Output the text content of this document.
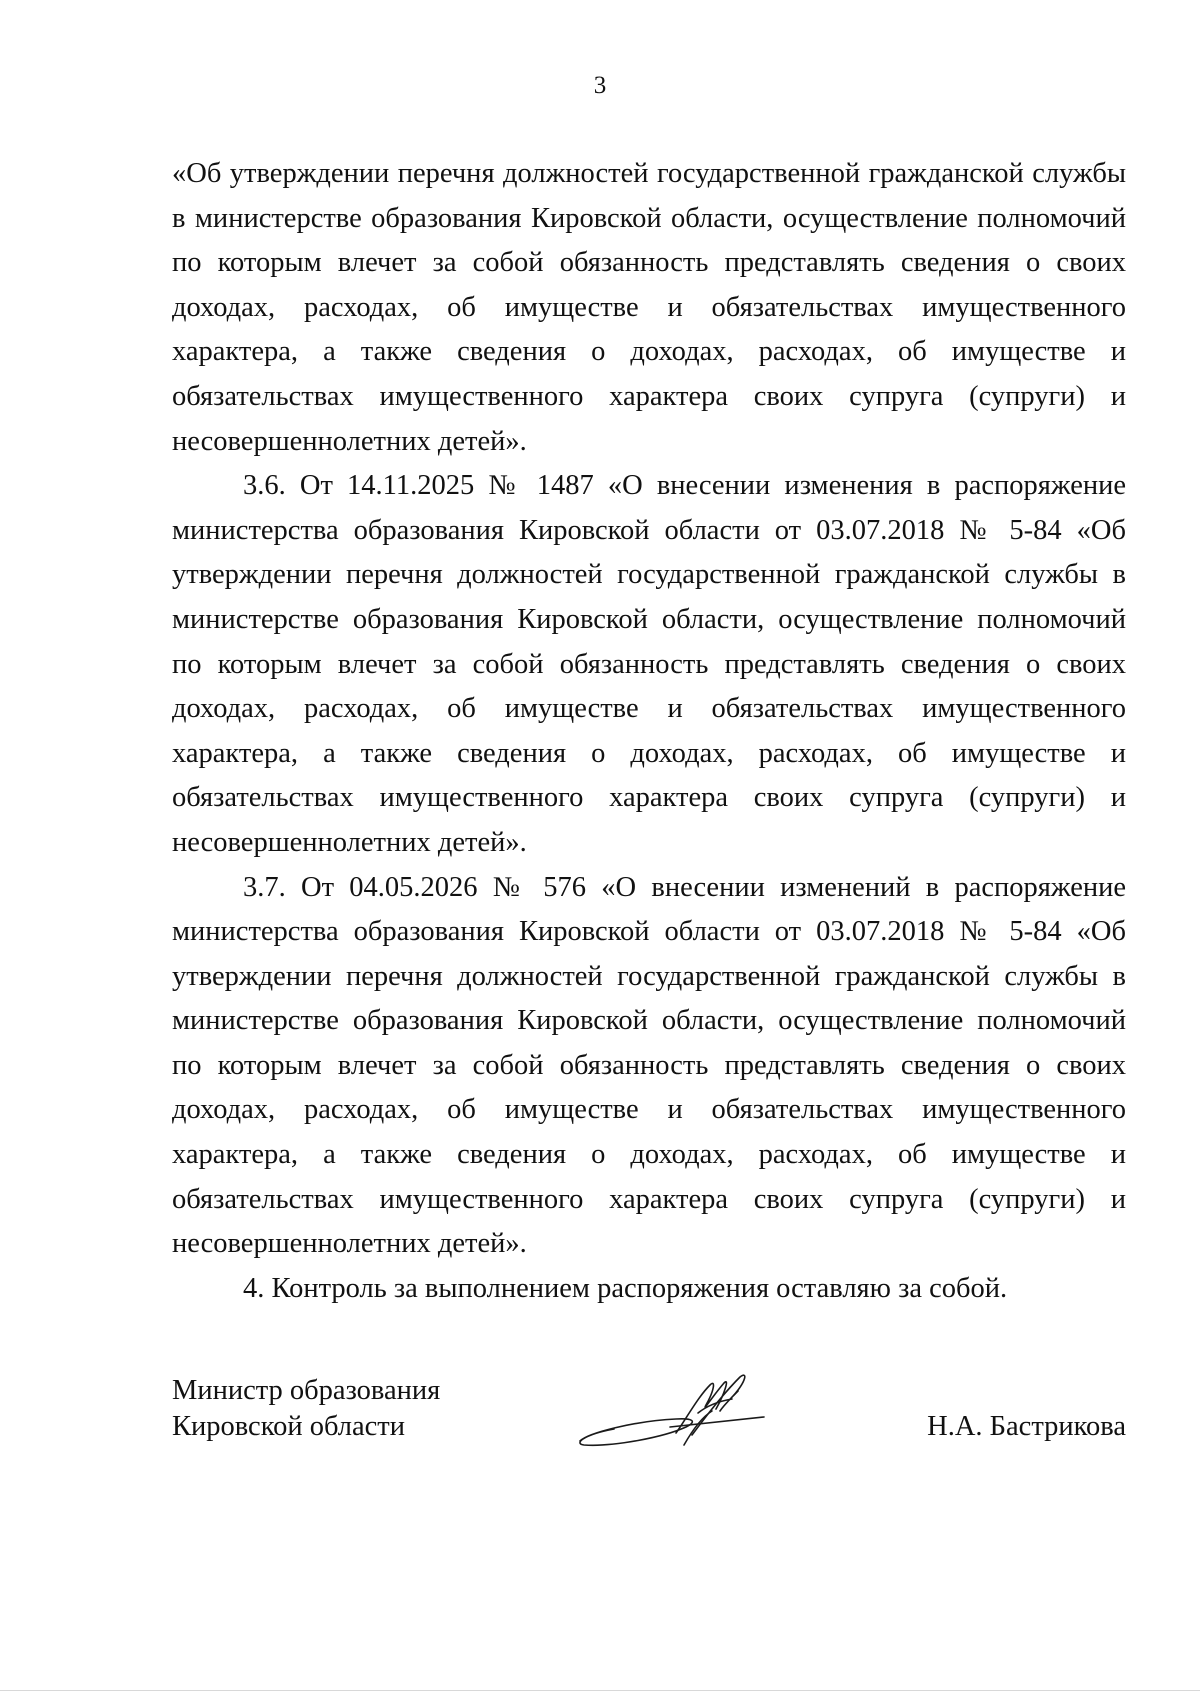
3

«Об утверждении перечня должностей государственной гражданской службы в министерстве образования Кировской области, осуществление полномочий по которым влечет за собой обязанность представлять сведения о своих доходах, расходах, об имуществе и обязательствах имущественного характера, а также сведения о доходах, расходах, об имуществе и обязательствах имущественного характера своих супруга (супруги) и несовершеннолетних детей».

3.6. От 14.11.2025 № 1487 «О внесении изменения в распоряжение министерства образования Кировской области от 03.07.2018 № 5-84 «Об утверждении перечня должностей государственной гражданской службы в министерстве образования Кировской области, осуществление полномочий по которым влечет за собой обязанность представлять сведения о своих доходах, расходах, об имуществе и обязательствах имущественного характера, а также сведения о доходах, расходах, об имуществе и обязательствах имущественного характера своих супруга (супруги) и несовершеннолетних детей».

3.7. От 04.05.2026 № 576 «О внесении изменений в распоряжение министерства образования Кировской области от 03.07.2018 № 5-84 «Об утверждении перечня должностей государственной гражданской службы в министерстве образования Кировской области, осуществление полномочий по которым влечет за собой обязанность представлять сведения о своих доходах, расходах, об имуществе и обязательствах имущественного характера, а также сведения о доходах, расходах, об имуществе и обязательствах имущественного характера своих супруга (супруги) и несовершеннолетних детей».

4. Контроль за выполнением распоряжения оставляю за собой.

Министр образования
Кировской области	Н.А. Бастрикова
